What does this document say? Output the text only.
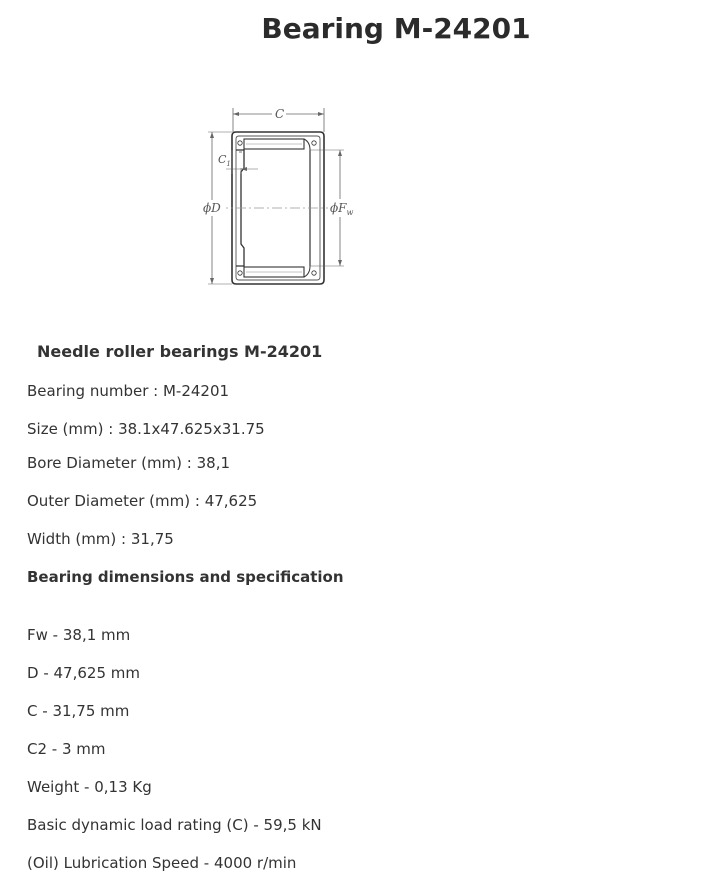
Bearing M-24201
C
ϕD
$C_1$
$\phi F_w$
Needle roller bearings M-24201

Bearing number : M-24201

Size (mm) : 38.1x47.625x31.75

Bore Diameter (mm) : 38,1

Outer Diameter (mm) : 47,625

Width (mm) : 31,75

Bearing dimensions and specification

Fw - 38,1 mm

D - 47,625 mm

C - 31,75 mm

C2 - 3 mm

Weight - 0,13 Kg

Basic dynamic load rating (C) - 59,5 kN

(Oil) Lubrication Speed - 4000 r/min
